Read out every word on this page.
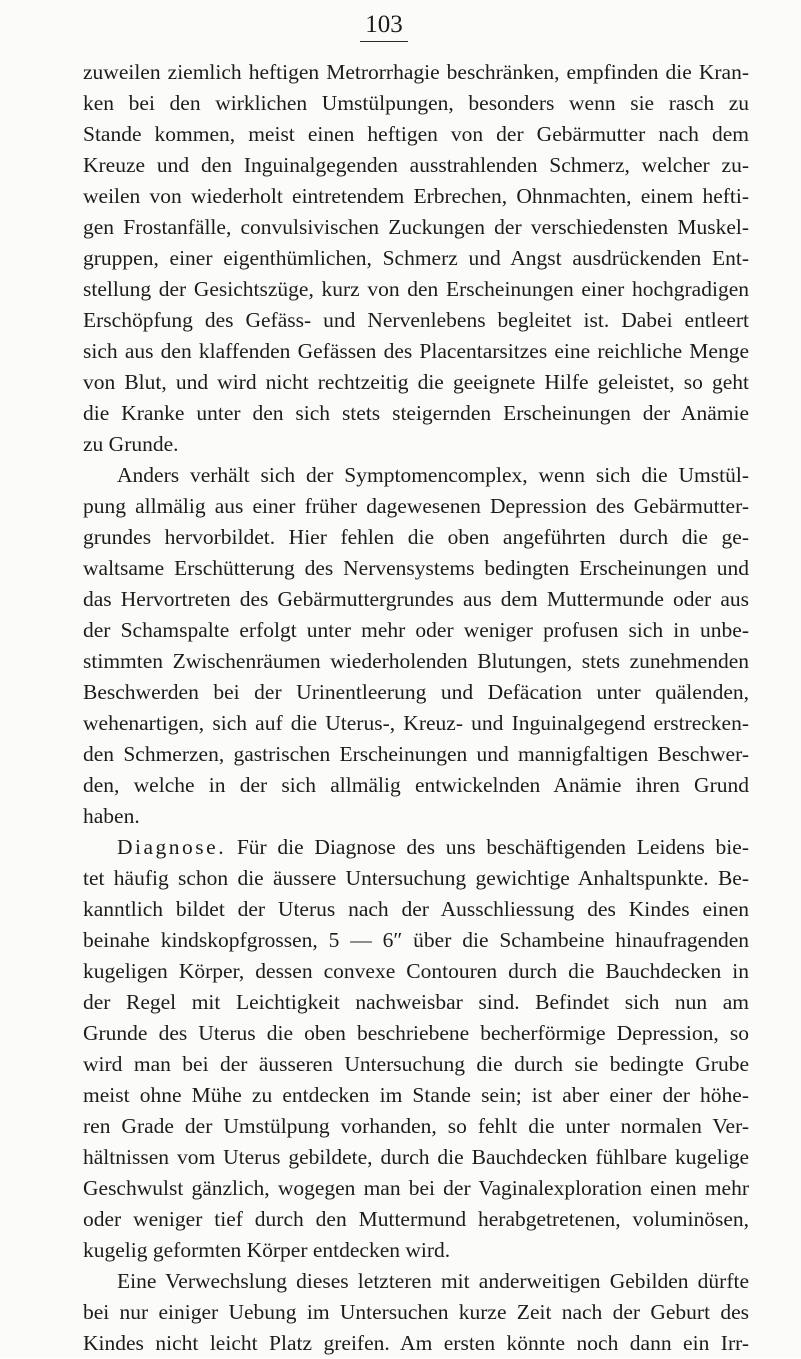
103
zuweilen ziemlich heftigen Metrorrhagie beschränken, empfinden die Kran-
ken bei den wirklichen Umstülpungen, besonders wenn sie rasch zu
Stande kommen, meist einen heftigen von der Gebärmutter nach dem
Kreuze und den Inguinalgegenden ausstrahlenden Schmerz, welcher zu-
weilen von wiederholt eintretendem Erbrechen, Ohnmachten, einem hefti-
gen Frostanfälle, convulsivischen Zuckungen der verschiedensten Muskel-
gruppen, einer eigenthümlichen, Schmerz und Angst ausdrückenden Ent-
stellung der Gesichtszüge, kurz von den Erscheinungen einer hochgradigen
Erschöpfung des Gefäss- und Nervenlebens begleitet ist. Dabei entleert
sich aus den klaffenden Gefässen des Placentarsitzes eine reichliche Menge
von Blut, und wird nicht rechtzeitig die geeignete Hilfe geleistet, so geht
die Kranke unter den sich stets steigernden Erscheinungen der Anämie
zu Grunde.
Anders verhält sich der Symptomencomplex, wenn sich die Umstül-
pung allmälig aus einer früher dagewesenen Depression des Gebärmutter-
grundes hervorbildet. Hier fehlen die oben angeführten durch die ge-
waltsame Erschütterung des Nervensystems bedingten Erscheinungen und
das Hervortreten des Gebärmuttergrundes aus dem Muttermunde oder aus
der Schamspalte erfolgt unter mehr oder weniger profusen sich in unbe-
stimmten Zwischenräumen wiederholenden Blutungen, stets zunehmenden
Beschwerden bei der Urinentleerung und Defäcation unter quälenden,
wehenartigen, sich auf die Uterus-, Kreuz- und Inguinalgegend erstrecken-
den Schmerzen, gastrischen Erscheinungen und mannigfaltigen Beschwer-
den, welche in der sich allmälig entwickelnden Anämie ihren Grund
haben.
Diagnose. Für die Diagnose des uns beschäftigenden Leidens bie-
tet häufig schon die äussere Untersuchung gewichtige Anhaltspunkte. Be-
kanntlich bildet der Uterus nach der Ausschliessung des Kindes einen
beinahe kindskopfgrossen, 5 — 6″ über die Schambeine hinaufragenden
kugeligen Körper, dessen convexe Contouren durch die Bauchdecken in
der Regel mit Leichtigkeit nachweisbar sind. Befindet sich nun am
Grunde des Uterus die oben beschriebene becherförmige Depression, so
wird man bei der äusseren Untersuchung die durch sie bedingte Grube
meist ohne Mühe zu entdecken im Stande sein; ist aber einer der höhe-
ren Grade der Umstülpung vorhanden, so fehlt die unter normalen Ver-
hältnissen vom Uterus gebildete, durch die Bauchdecken fühlbare kugelige
Geschwulst gänzlich, wogegen man bei der Vaginalexploration einen mehr
oder weniger tief durch den Muttermund herabgetretenen, voluminösen,
kugelig geformten Körper entdecken wird.
Eine Verwechslung dieses letzteren mit anderweitigen Gebilden dürfte
bei nur einiger Uebung im Untersuchen kurze Zeit nach der Geburt des
Kindes nicht leicht Platz greifen. Am ersten könnte noch dann ein Irr-
